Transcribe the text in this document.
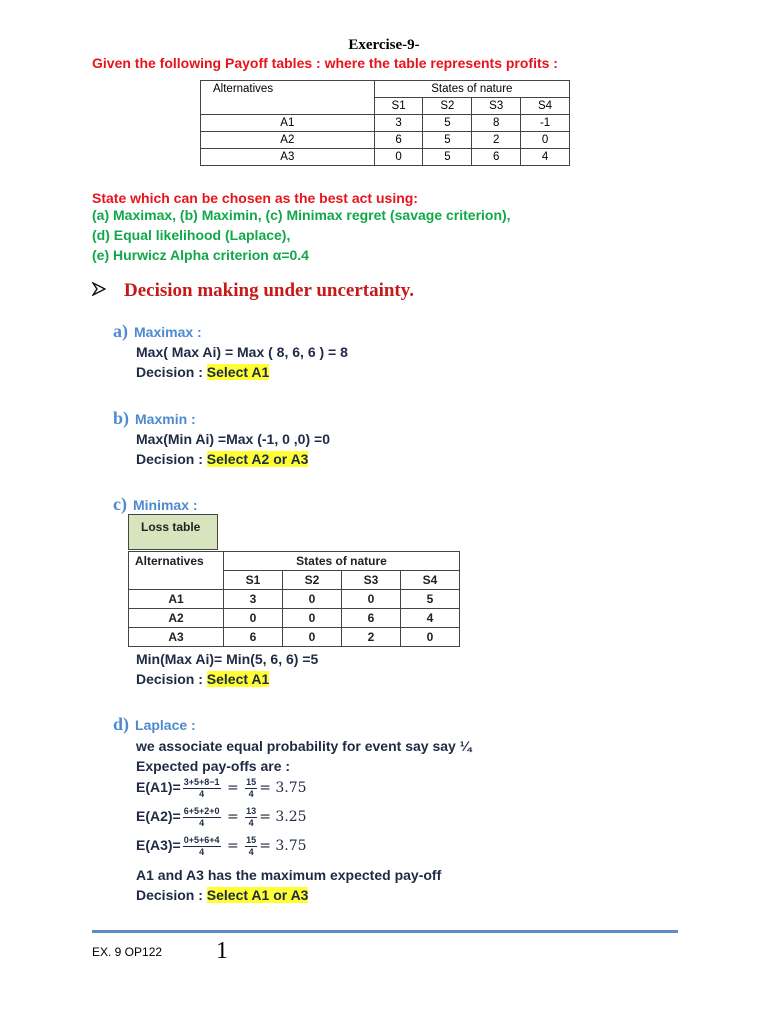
Exercise-9-
Given the following Payoff tables : where the table represents profits :
Alternatives	States of nature			
	S1	S2	S3	S4
A1	3	5	8	-1
A2	6	5	2	0
A3	0	5	6	4
State which can be chosen as the best act using:
(a) Maximax, (b) Maximin, (c) Minimax regret (savage criterion),
(d) Equal likelihood (Laplace),
(e) Hurwicz Alpha criterion α=0.4
Decision making under uncertainty.
a) Maximax :
Max( Max Ai) = Max ( 8, 6, 6 ) = 8
Decision : Select A1
b) Maxmin :
Max(Min Ai) =Max (-1, 0 ,0) =0
Decision : Select A2 or A3
c) Minimax :
Loss table
Alternatives	States of nature			
	S1	S2	S3	S4
A1	3	0	0	5
A2	0	0	6	4
A3	6	0	2	0
Min(Max Ai)= Min(5, 6, 6) =5
Decision : Select A1
d) Laplace :
we associate equal probability for event say say ¼
Expected pay-offs are :
$E(A1)= \frac{3+5+8-1}{4} = \frac{15}{4} = 3.75$
$E(A2)= \frac{6+5+2+0}{4} = \frac{13}{4} = 3.25$
$E(A3)= \frac{0+5+6+4}{4} = \frac{15}{4} = 3.75$
A1 and A3 has the maximum expected pay-off
Decision : Select A1 or A3
EX. 9 OP122 1
